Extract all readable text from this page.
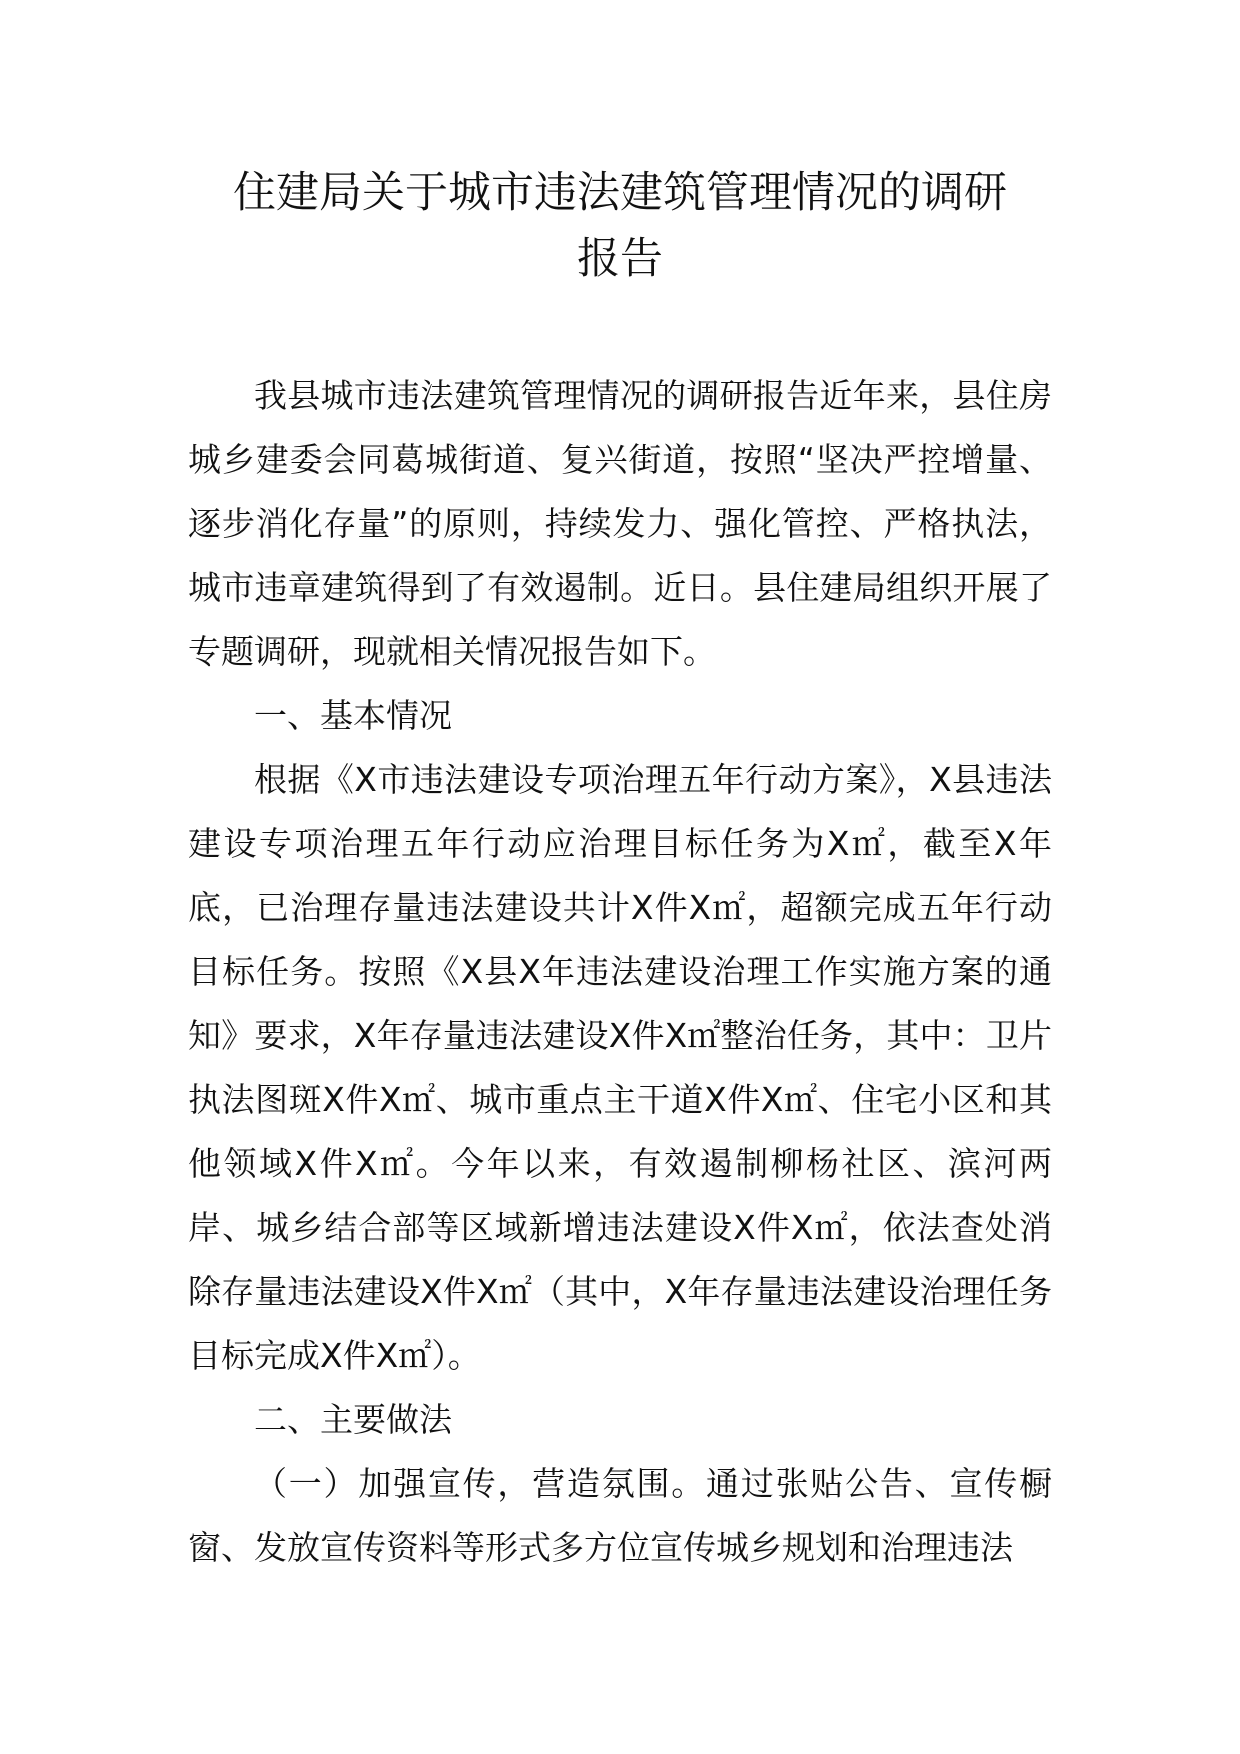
住建局关于城市违法建筑管理情况的调研
报告

我县城市违法建筑管理情况的调研报告近年来，县住房城乡建委会同葛城街道、复兴街道，按照“坚决严控增量、逐步消化存量”的原则，持续发力、强化管控、严格执法，城市违章建筑得到了有效遏制。近日。县住建局组织开展了专题调研，现就相关情况报告如下。

一、基本情况

根据《X市违法建设专项治理五年行动方案》，X县违法建设专项治理五年行动应治理目标任务为X㎡，截至X年底，已治理存量违法建设共计X件X㎡，超额完成五年行动目标任务。按照《X县X年违法建设治理工作实施方案的通知》要求，X年存量违法建设X件X㎡整治任务，其中：卫片执法图斑X件X㎡、城市重点主干道X件X㎡、住宅小区和其他领域X件X㎡。今年以来，有效遏制柳杨社区、滨河两岸、城乡结合部等区域新增违法建设X件X㎡，依法查处消除存量违法建设X件X㎡（其中，X年存量违法建设治理任务目标完成X件X㎡）。

二、主要做法

（一）加强宣传，营造氛围。通过张贴公告、宣传橱窗、发放宣传资料等形式多方位宣传城乡规划和治理违法
